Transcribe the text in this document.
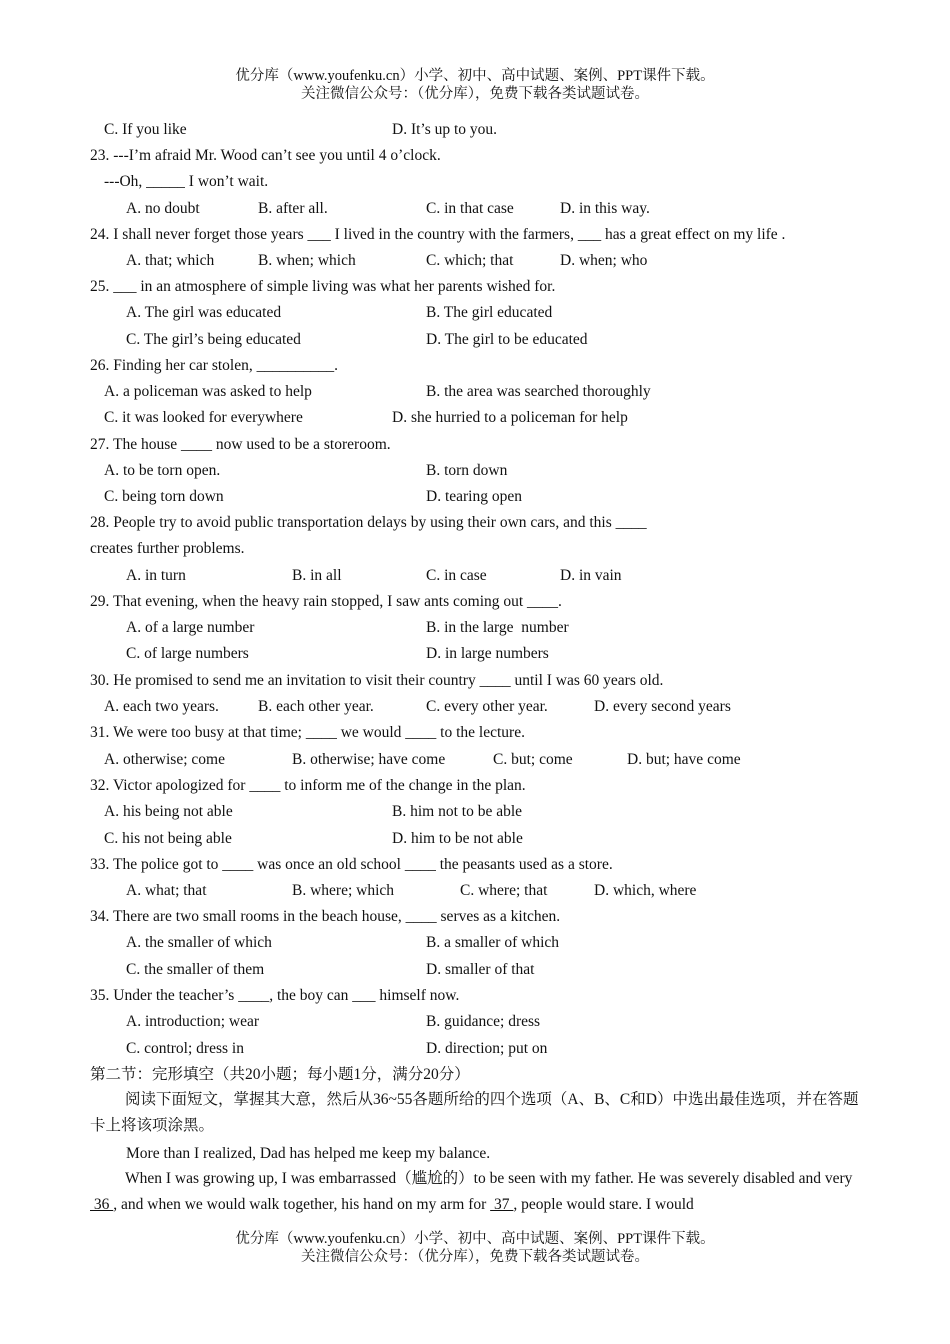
优分库（www.youfenku.cn）小学、初中、高中试题、案例、PPT课件下载。
关注微信公众号：（优分库），免费下载各类试题试卷。
C. If you like	D. It’s up to you.
23. ---I’m afraid Mr. Wood can’t see you until 4 o’clock.
---Oh, _____ I won’t wait.
A. no doubt	B. after all.	C. in that case	D. in this way.
24. I shall never forget those years ___ I lived in the country with the farmers, ___ has a great effect on my life .
A. that; which	B. when; which	C. which; that	D. when; who
25. ___ in an atmosphere of simple living was what her parents wished for.
A. The girl was educated	B. The girl educated
C. The girl’s being educated	D. The girl to be educated
26. Finding her car stolen, __________.
A. a policeman was asked to help	B. the area was searched thoroughly
C. it was looked for everywhere	D. she hurried to a policeman for help
27. The house ____ now used to be a storeroom.
A. to be torn open.	B. torn down
C. being torn down	D. tearing open
28. People try to avoid public transportation delays by using their own cars, and this ____
creates further problems.
A. in turn	B. in all	C. in case	D. in vain
29. That evening, when the heavy rain stopped, I saw ants coming out ____.
A. of a large number	B. in the large  number
C. of large numbers	D. in large numbers
30. He promised to send me an invitation to visit their country ____ until I was 60 years old.
A. each two years.	B. each other year.	C. every other year.	D. every second years
31. We were too busy at that time; ____ we would ____ to the lecture.
A. otherwise; come	B. otherwise; have come	C. but; come	D. but; have come
32. Victor apologized for ____ to inform me of the change in the plan.
A. his being not able	B. him not to be able
C. his not being able	D. him to be not able
33. The police got to ____ was once an old school ____ the peasants used as a store.
A. what; that	B. where; which	C. where; that	D. which, where
34. There are two small rooms in the beach house, ____ serves as a kitchen.
A. the smaller of which	B. a smaller of which
C. the smaller of them	D. smaller of that
35. Under the teacher’s ____, the boy can ___ himself now.
A. introduction; wear	B. guidance; dress
C. control; dress in	D. direction; put on
第二节：完形填空（共20小题；每小题1分，满分20分）
阅读下面短文，掌握其大意，然后从36~55各题所给的四个选项（A、B、C和D）中选出最佳选项，并在答题卡上将该项涂黑。
More than I realized, Dad has helped me keep my balance.
When I was growing up, I was embarrassed（尴尬的）to be seen with my father. He was severely disabled and very  36 , and when we would walk together, his hand on my arm for  37 , people would stare. I would
优分库（www.youfenku.cn）小学、初中、高中试题、案例、PPT课件下载。
关注微信公众号：（优分库），免费下载各类试题试卷。
